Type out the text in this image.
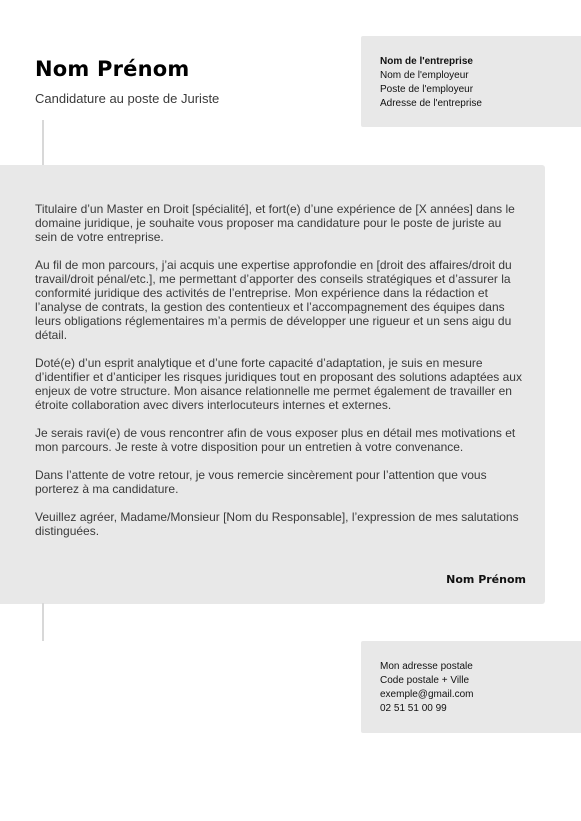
Nom Prénom
Candidature au poste de Juriste
Nom de l'entreprise
Nom de l'employeur
Poste de l'employeur
Adresse de l'entreprise

Titulaire d’un Master en Droit [spécialité], et fort(e) d’une expérience de [X années] dans le domaine juridique, je souhaite vous proposer ma candidature pour le poste de juriste au sein de votre entreprise.

Au fil de mon parcours, j’ai acquis une expertise approfondie en [droit des affaires/droit du travail/droit pénal/etc.], me permettant d’apporter des conseils stratégiques et d’assurer la conformité juridique des activités de l’entreprise. Mon expérience dans la rédaction et l’analyse de contrats, la gestion des contentieux et l’accompagnement des équipes dans leurs obligations réglementaires m’a permis de développer une rigueur et un sens aigu du détail.

Doté(e) d’un esprit analytique et d’une forte capacité d’adaptation, je suis en mesure d’identifier et d’anticiper les risques juridiques tout en proposant des solutions adaptées aux enjeux de votre structure. Mon aisance relationnelle me permet également de travailler en étroite collaboration avec divers interlocuteurs internes et externes.

Je serais ravi(e) de vous rencontrer afin de vous exposer plus en détail mes motivations et mon parcours. Je reste à votre disposition pour un entretien à votre convenance.

Dans l’attente de votre retour, je vous remercie sincèrement pour l’attention que vous porterez à ma candidature.

Veuillez agréer, Madame/Monsieur [Nom du Responsable], l’expression de mes salutations distinguées.

Nom Prénom
Mon adresse postale
Code postale + Ville
exemple@gmail.com
02 51 51 00 99
